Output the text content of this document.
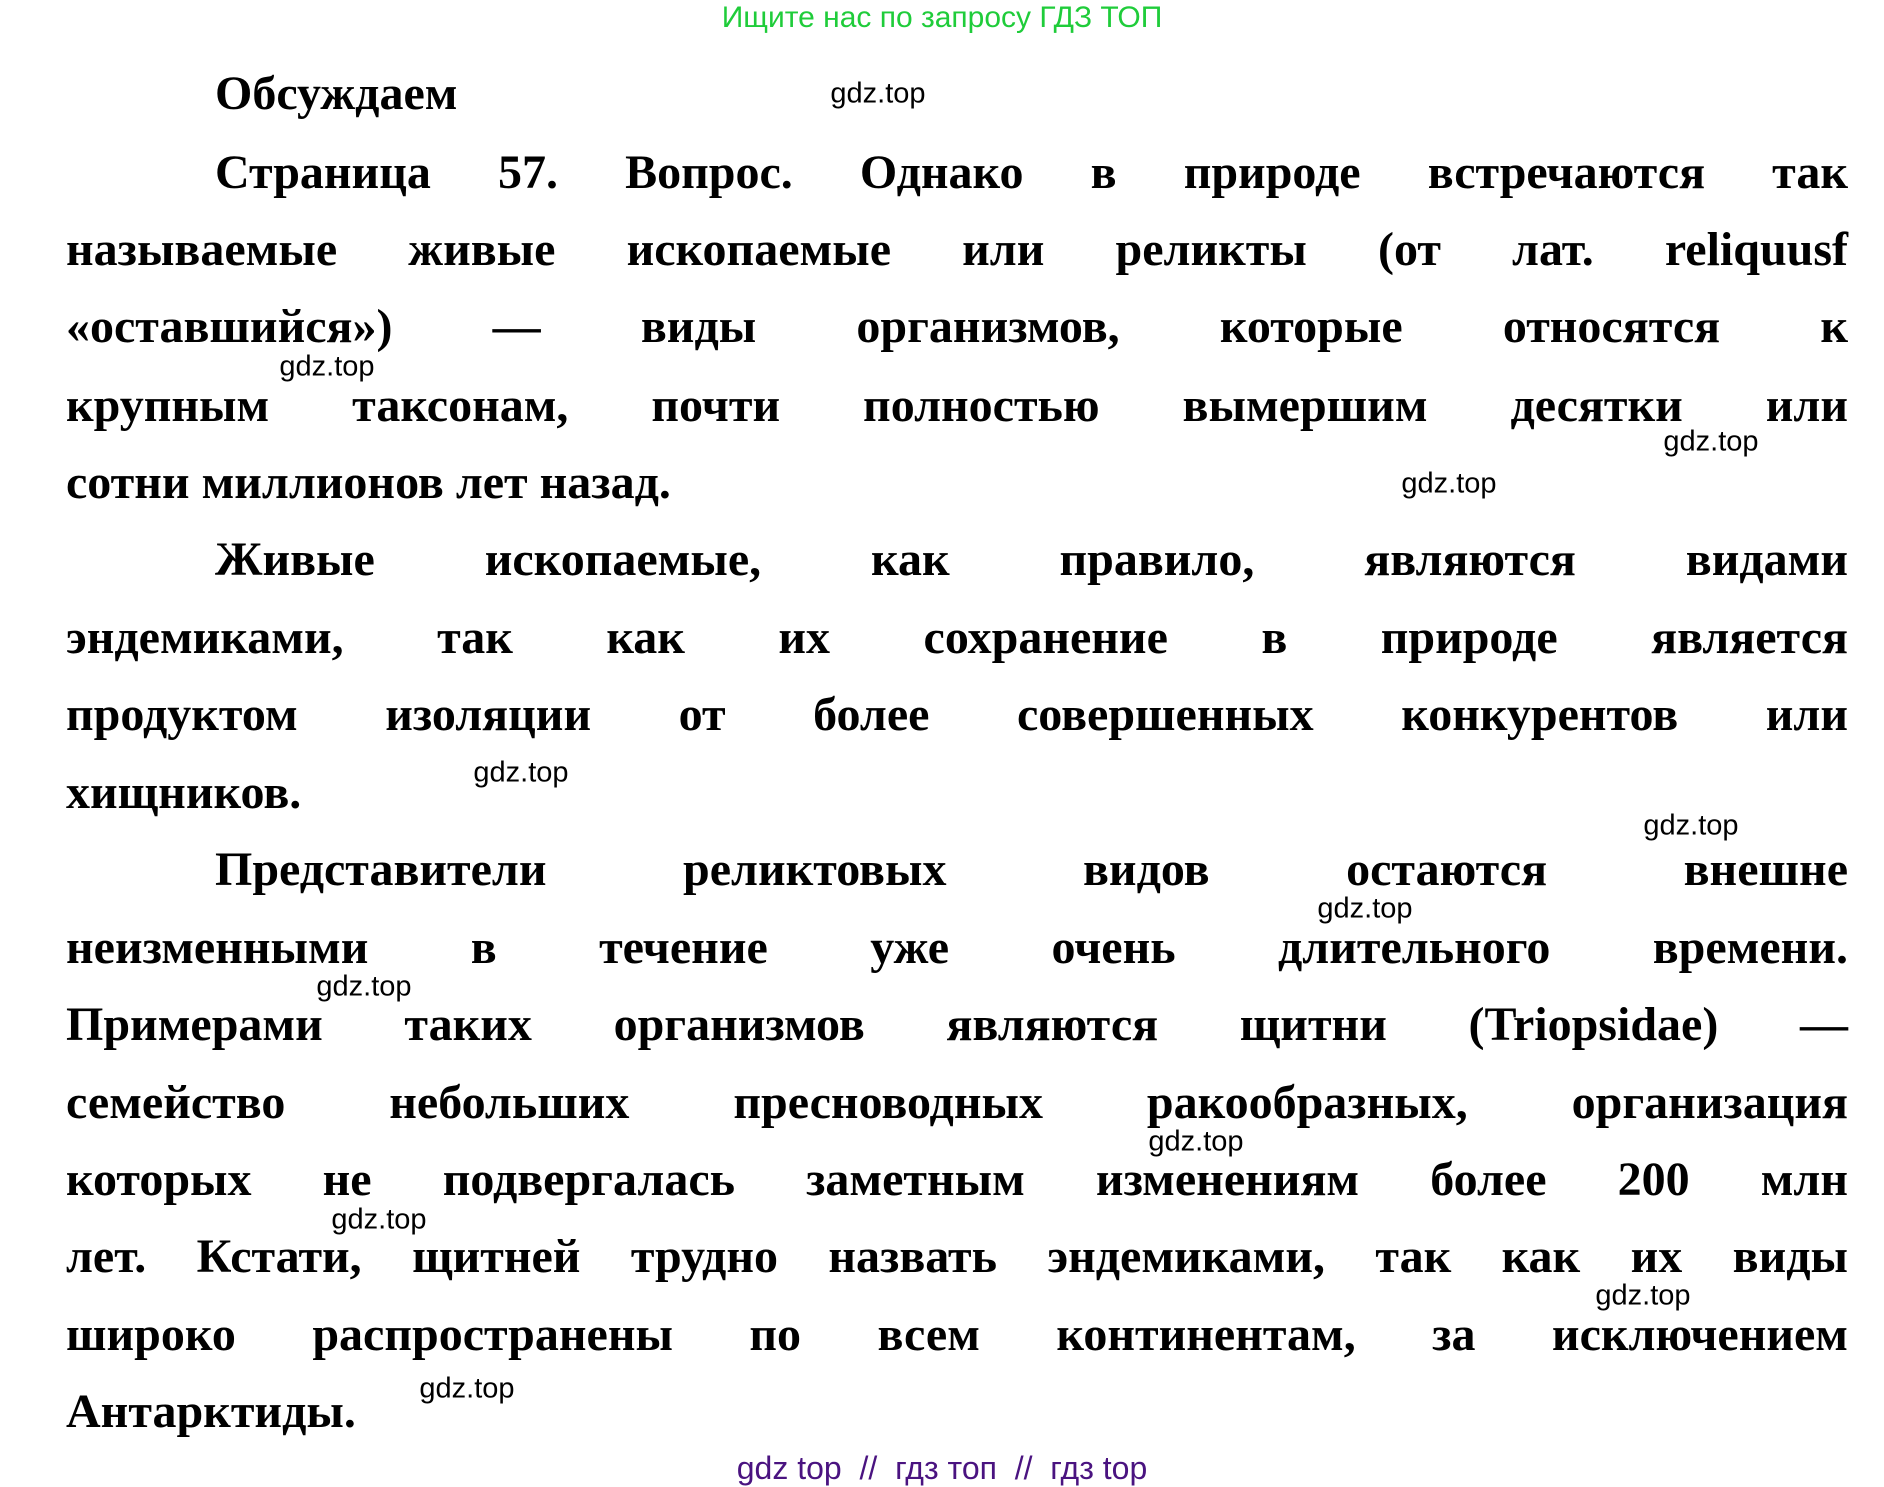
Ищите нас по запросу ГДЗ ТОП
Обсуждаем
Страница 57. Вопрос. Однако в природе встречаются так
называемые живые ископаемые или реликты (от лат. reliquusf
«оставшийся») — виды организмов, которые относятся к
крупным таксонам, почти полностью вымершим десятки или
сотни миллионов лет назад.
Живые ископаемые, как правило, являются видами
эндемиками, так как их сохранение в природе является
продуктом изоляции от более совершенных конкурентов или
хищников.
Представители реликтовых видов остаются внешне
неизменными в течение уже очень длительного времени.
Примерами таких организмов являются щитни (Triopsidae) —
семейство небольших пресноводных ракообразных, организация
которых не подвергалась заметным изменениям более 200 млн
лет. Кстати, щитней трудно назвать эндемиками, так как их виды
широко распространены по всем континентам, за исключением
Антарктиды.
gdz.top
gdz.top
gdz.top
gdz.top
gdz.top
gdz.top
gdz.top
gdz.top
gdz.top
gdz.top
gdz.top
gdz.top
gdz top  //  гдз топ  //  гдз top
